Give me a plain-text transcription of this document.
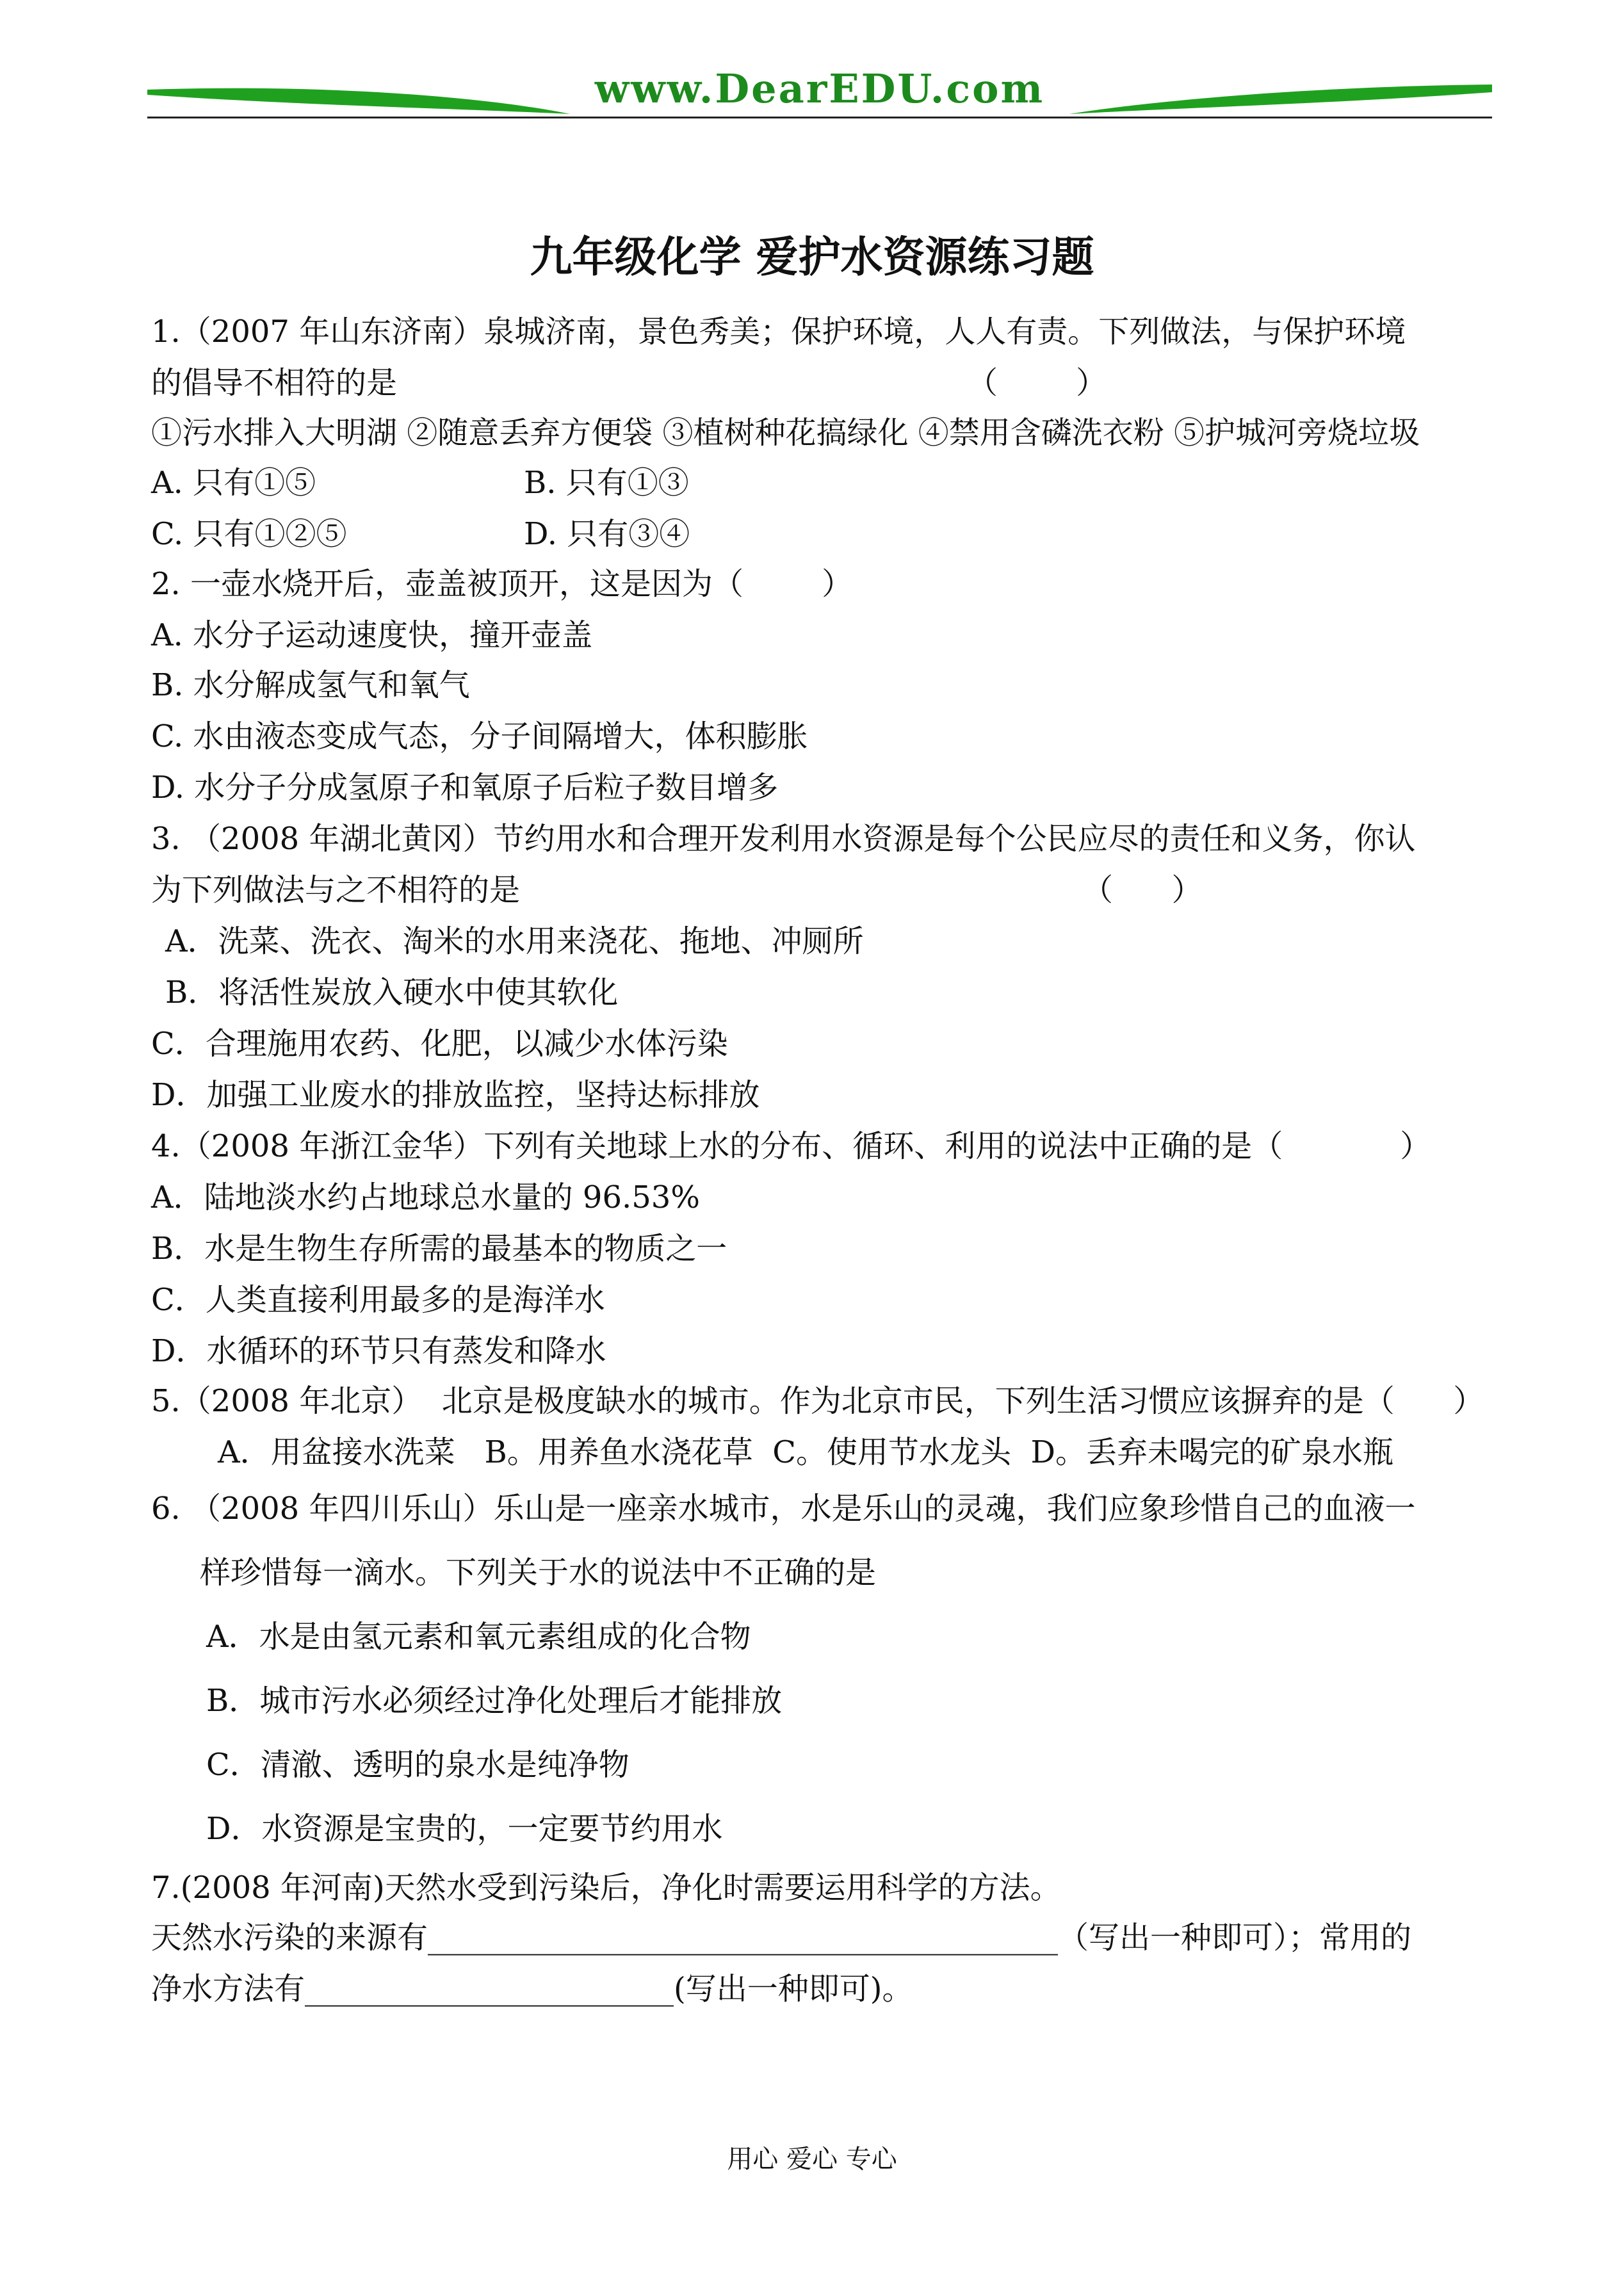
www.DearEDU.com
九年级化学 爱护水资源练习题
1.（2007 年山东济南）泉城济南，景色秀美；保护环境，人人有责。下列做法，与保护环境
的倡导不相符的是	（        ）
①污水排入大明湖 ②随意丢弃方便袋 ③植树种花搞绿化 ④禁用含磷洗衣粉 ⑤护城河旁烧垃圾
A. 只有①⑤	B. 只有①③
C. 只有①②⑤	D. 只有③④
2. 一壶水烧开后，壶盖被顶开，这是因为（        ）
A. 水分子运动速度快，撞开壶盖
B. 水分解成氢气和氧气
C. 水由液态变成气态，分子间隔增大，体积膨胀
D. 水分子分成氢原子和氧原子后粒子数目增多
3. （2008 年湖北黄冈）节约用水和合理开发利用水资源是每个公民应尽的责任和义务，你认
为下列做法与之不相符的是	（      ）
A．洗菜、洗衣、淘米的水用来浇花、拖地、冲厕所
B．将活性炭放入硬水中使其软化
C．合理施用农药、化肥，以减少水体污染
D．加强工业废水的排放监控，坚持达标排放
4.（2008 年浙江金华）下列有关地球上水的分布、循环、利用的说法中正确的是（            ）
A．陆地淡水约占地球总水量的 96.53%
B．水是生物生存所需的最基本的物质之一
C．人类直接利用最多的是海洋水
D．水循环的环节只有蒸发和降水
5.（2008 年北京）  北京是极度缺水的城市。作为北京市民，下列生活习惯应该摒弃的是（      ）
A．用盆接水洗菜   B。用养鱼水浇花草  C。使用节水龙头  D。丢弃未喝完的矿泉水瓶
6. （2008 年四川乐山）乐山是一座亲水城市，水是乐山的灵魂，我们应象珍惜自己的血液一
样珍惜每一滴水。下列关于水的说法中不正确的是
A．水是由氢元素和氧元素组成的化合物
B．城市污水必须经过净化处理后才能排放
C．清澈、透明的泉水是纯净物
D．水资源是宝贵的，一定要节约用水
7.(2008 年河南)天然水受到污染后，净化时需要运用科学的方法。
天然水污染的来源有_________________________________________（写出一种即可）；常用的
净水方法有________________________(写出一种即可)。
用心 爱心 专心
